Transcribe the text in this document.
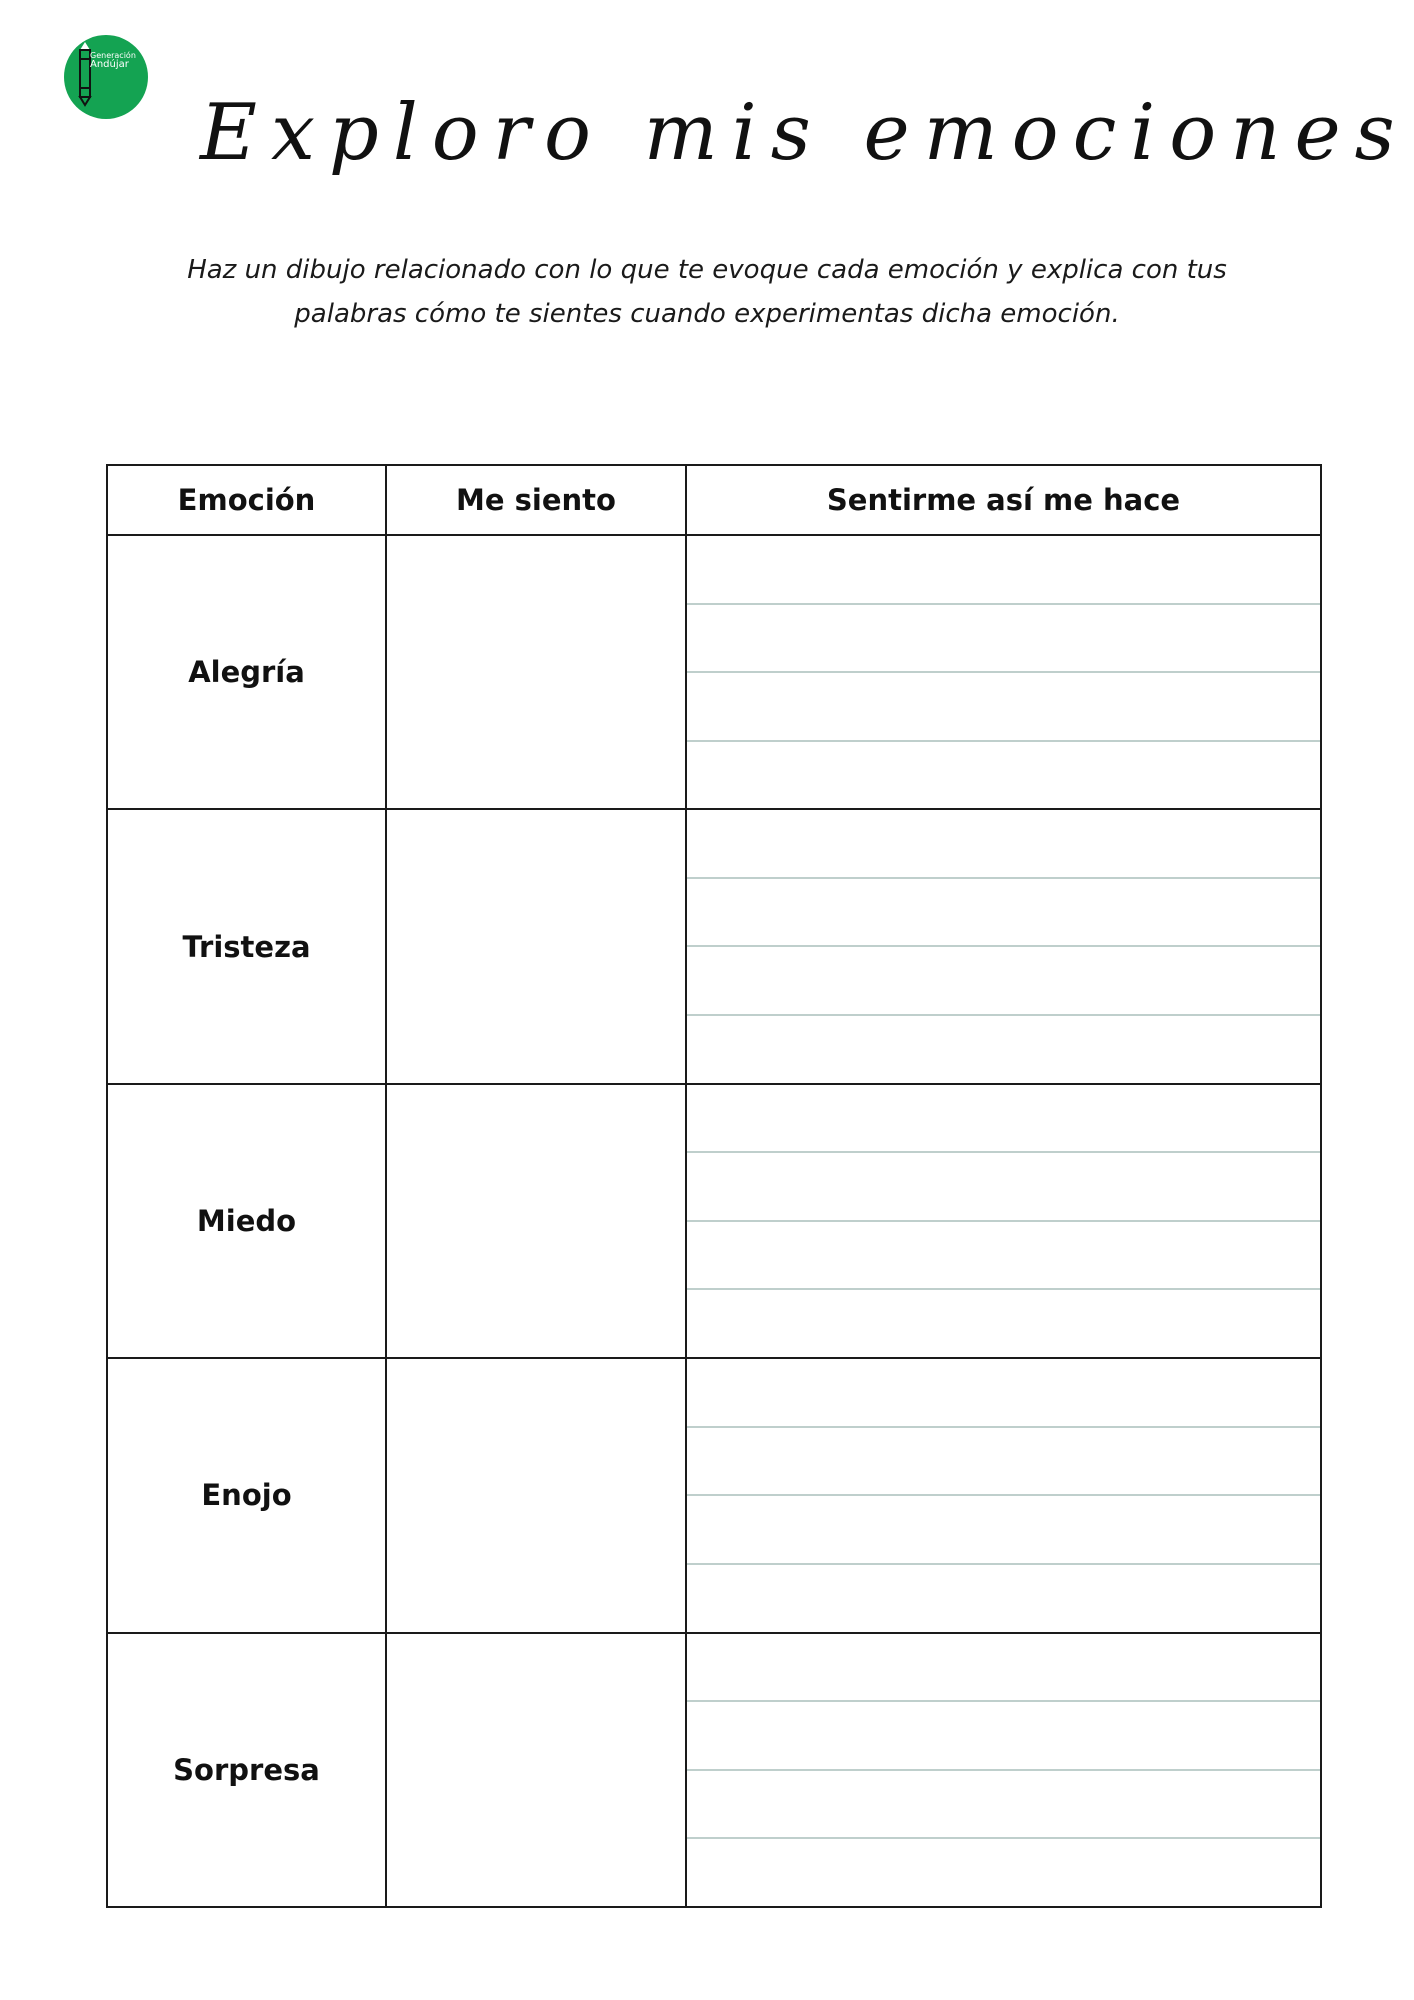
Generación
Andújar
Exploro mis emociones

Haz un dibujo relacionado con lo que te evoque cada emoción y explica con tus
palabras cómo te sientes cuando experimentas dicha emoción.

Emoción	Me siento	Sentirme así me hace
Alegría		

Tristeza		

Miedo		

Enojo		

Sorpresa		
